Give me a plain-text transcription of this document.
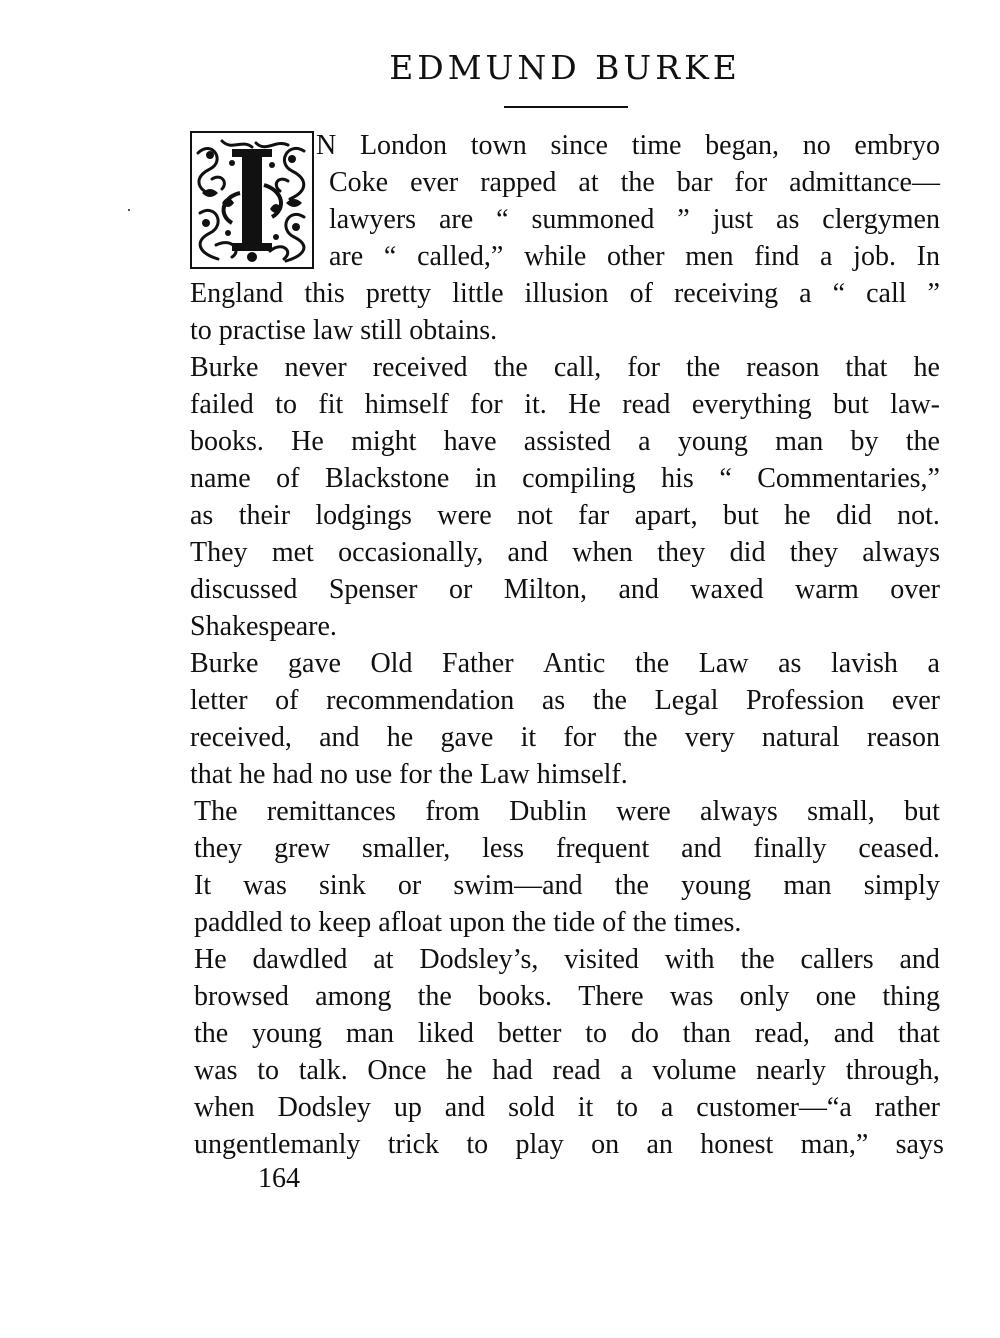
EDMUND BURKE
N London town since time began, no embryo
Coke ever rapped at the bar for admittance—
lawyers are “ summoned ” just as clergymen
are “ called,” while other men find a job. In
England this pretty little illusion of receiving a “ call ”
to practise law still obtains.
Burke never received the call, for the reason that he
failed to fit himself for it. He read everything but law-
books. He might have assisted a young man by the
name of Blackstone in compiling his “ Commentaries,”
as their lodgings were not far apart, but he did not.
They met occasionally, and when they did they always
discussed Spenser or Milton, and waxed warm over
Shakespeare.
Burke gave Old Father Antic the Law as lavish a
letter of recommendation as the Legal Profession ever
received, and he gave it for the very natural reason
that he had no use for the Law himself.
The remittances from Dublin were always small, but
they grew smaller, less frequent and finally ceased.
It was sink or swim—and the young man simply
paddled to keep afloat upon the tide of the times.
He dawdled at Dodsley’s, visited with the callers and
browsed among the books. There was only one thing
the young man liked better to do than read, and that
was to talk. Once he had read a volume nearly through,
when Dodsley up and sold it to a customer—“a rather
ungentlemanly trick to play on an honest man,” says
164
